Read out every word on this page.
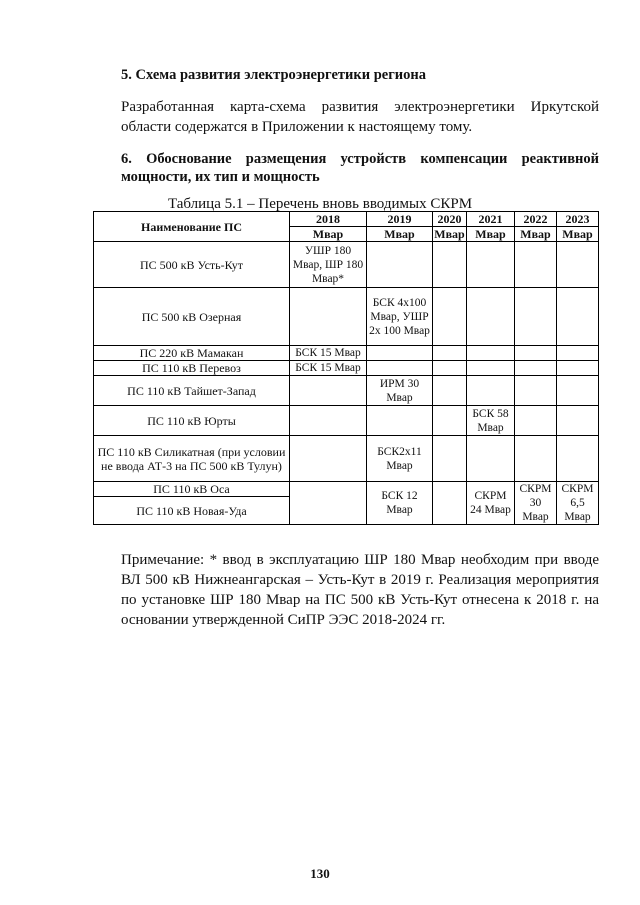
5. Схема развития электроэнергетики региона
Разработанная карта-схема развития электроэнергетики Иркутской области содержатся в Приложении к настоящему тому.
6. Обоснование размещения устройств компенсации реактивной мощности, их тип и мощность
Таблица 5.1 – Перечень вновь вводимых СКРМ
Наименование ПС	2018	2019	2020	2021	2022	2023
	Мвар	Мвар	Мвар	Мвар	Мвар	Мвар
ПС 500 кВ Усть-Кут	УШР 180 Мвар, ШР 180 Мвар*					
ПС 500 кВ Озерная		БСК 4x100 Мвар, УШР 2x 100 Мвар				
ПС 220 кВ Мамакан	БСК 15 Мвар					
ПС 110 кВ Перевоз	БСК 15 Мвар					
ПС 110 кВ Тайшет-Запад		ИРМ 30 Мвар				
ПС 110 кВ Юрты				БСК 58 Мвар		
ПС 110 кВ Силикатная (при условии не ввода АТ-3 на ПС 500 кВ Тулун)		БСК2х11 Мвар				
ПС 110 кВ Оса		БСК 12 Мвар		СКРМ 24 Мвар	СКРМ 30 Мвар	СКРМ 6,5 Мвар
ПС 110 кВ Новая-Уда						
Примечание: * ввод в эксплуатацию ШР 180 Мвар необходим при вводе ВЛ 500 кВ Нижнеангарская – Усть-Кут в 2019 г. Реализация мероприятия по установке ШР 180 Мвар на ПС 500 кВ Усть-Кут отнесена к 2018 г. на основании утвержденной СиПР ЭЭС 2018-2024 гг.
130
